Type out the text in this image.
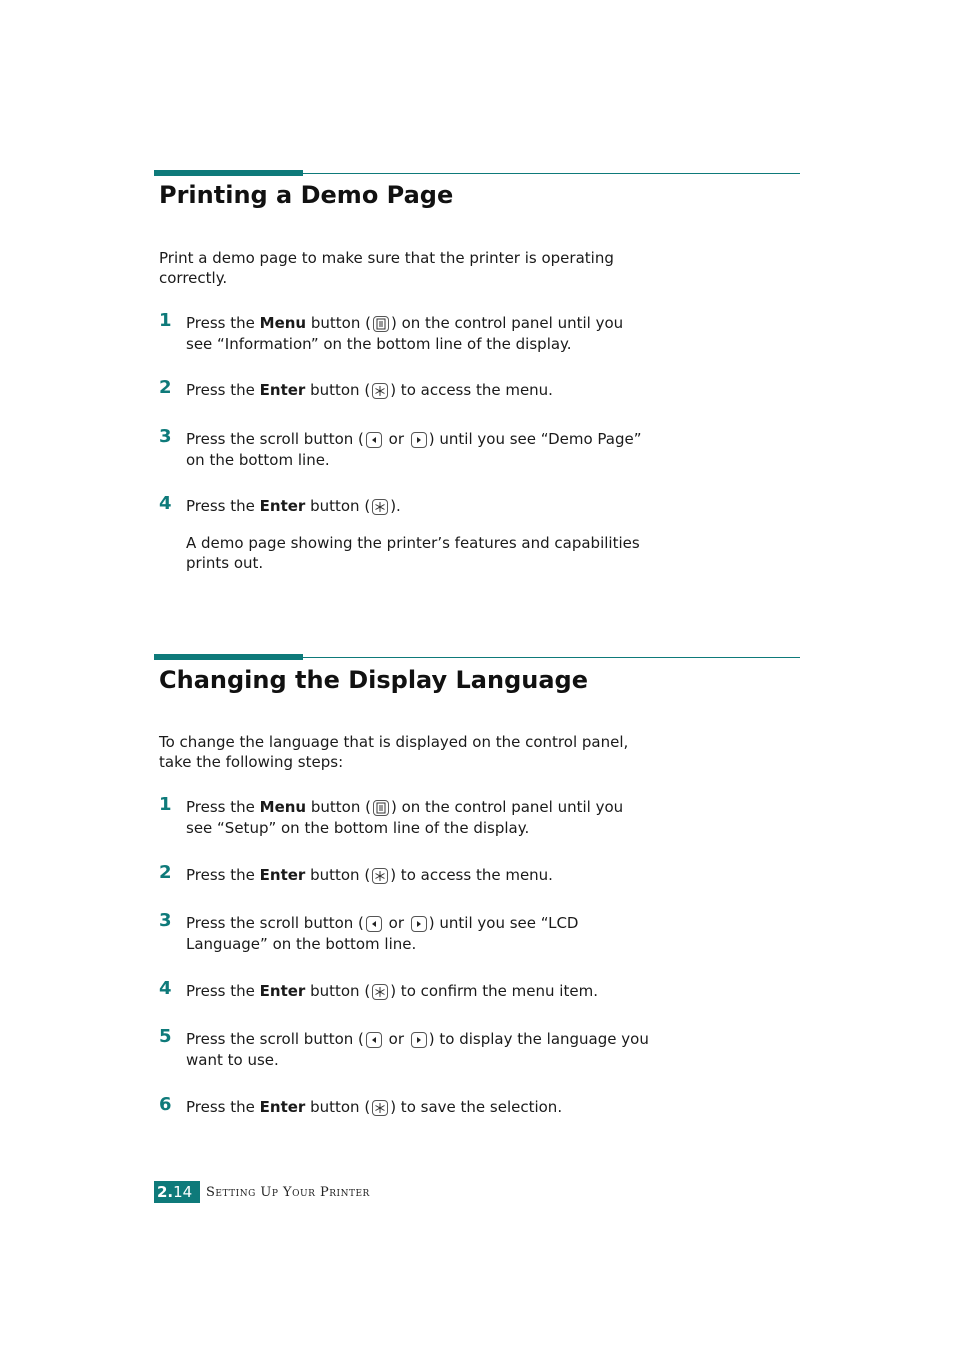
Printing a Demo Page

Print a demo page to make sure that the printer is operating correctly.

1 Press the Menu button ( ) on the control panel until you see “Information” on the bottom line of the display.
2 Press the Enter button ( ) to access the menu.
3 Press the scroll button (
or
) until you see “Demo Page” on the bottom line.
4 Press the Enter button ( ).
A demo page showing the printer’s features and capabilities prints out.
Changing the Display Language

To change the language that is displayed on the control panel, take the following steps:

1 Press the Menu button ( ) on the control panel until you see “Setup” on the bottom line of the display.
2 Press the Enter button ( ) to access the menu.
3 Press the scroll button (
or
) until you see “LCD Language” on the bottom line.
4 Press the Enter button ( ) to confirm the menu item.
5 Press the scroll button (
or
) to display the language you want to use.
6 Press the Enter button ( ) to save the selection.
2.14	Setting Up Your Printer
